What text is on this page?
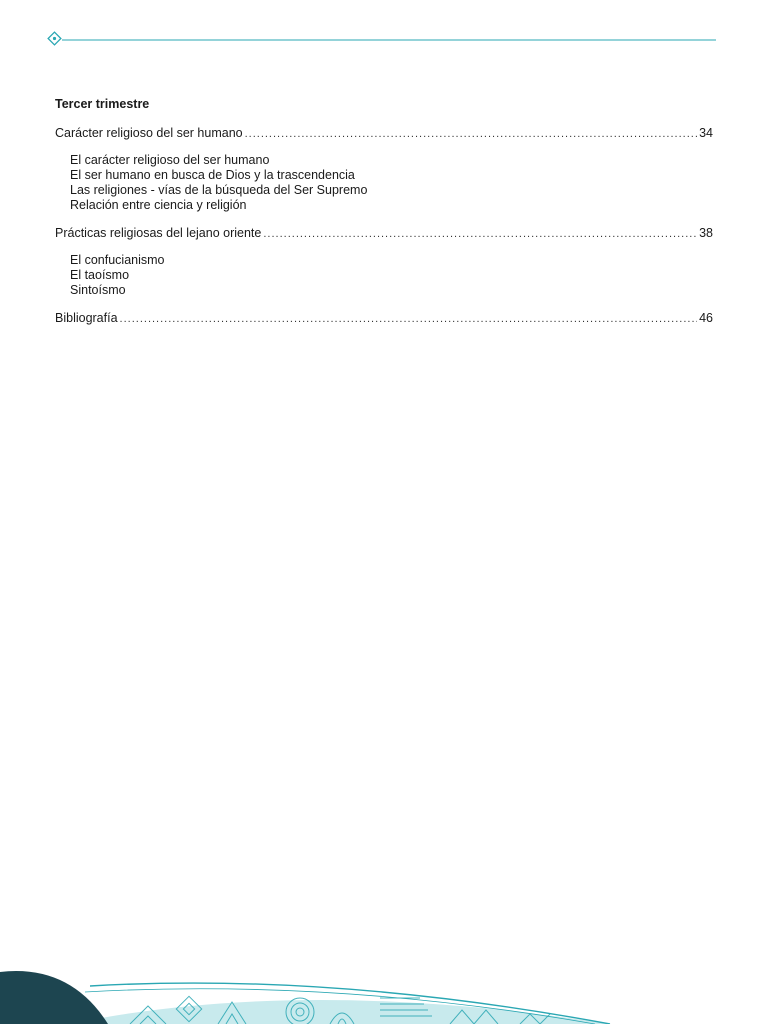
Tercer trimestre
Carácter religioso del ser humano .....	34
El carácter religioso del ser humano
El ser humano en busca de Dios y la trascendencia
Las religiones - vías de la búsqueda del Ser Supremo
Relación entre ciencia y religión
Prácticas religiosas del lejano oriente .....	38
El confucianismo
El taoísmo
Sintoísmo
Bibliografía .....	46
